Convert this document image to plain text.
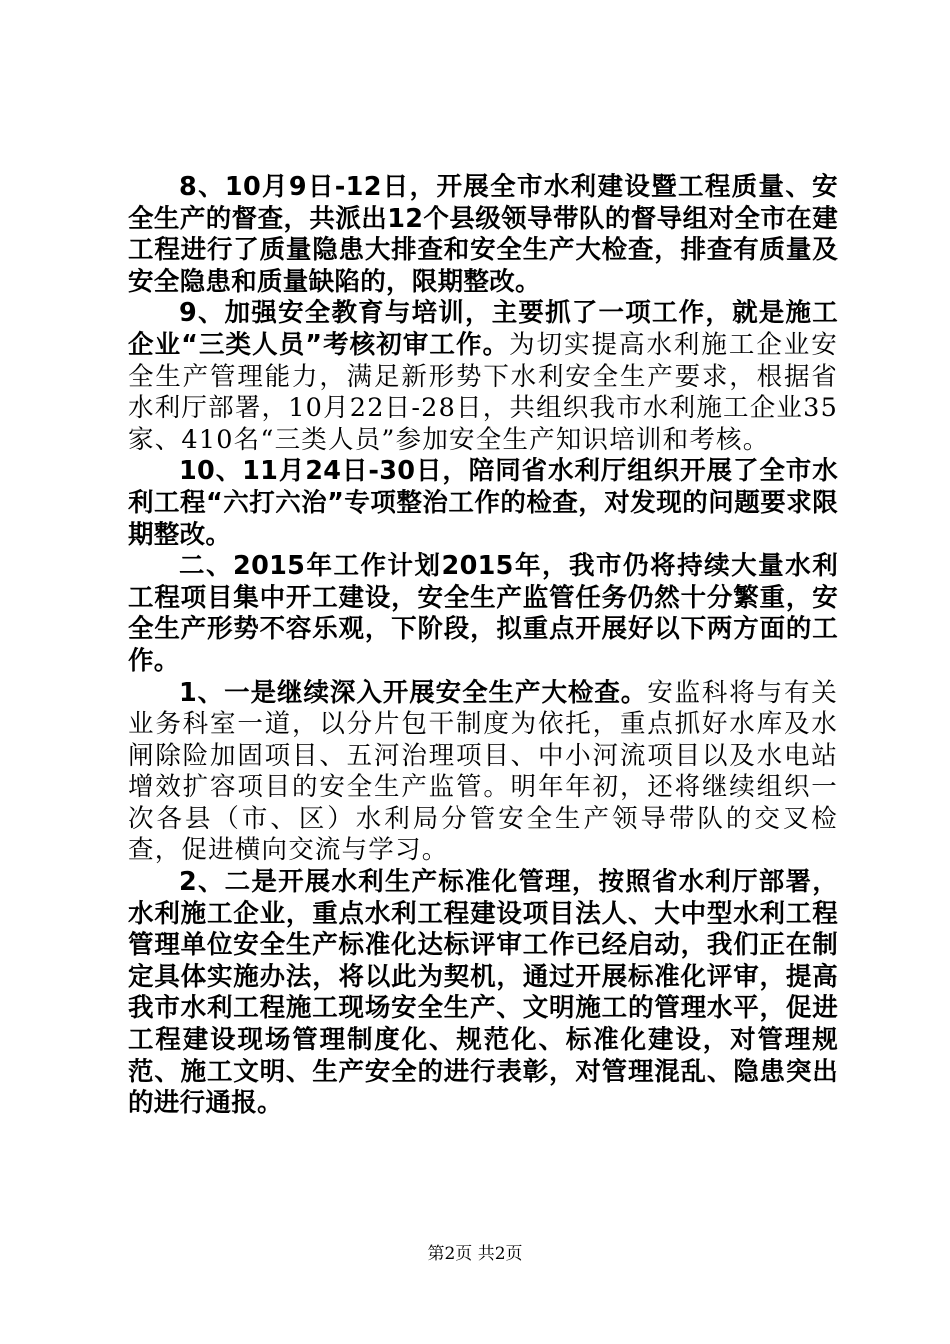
8、10月9日-12日，开展全市水利建设暨工程质量、安全生产的督查，共派出12个县级领导带队的督导组对全市在建工程进行了质量隐患大排查和安全生产大检查，排查有质量及安全隐患和质量缺陷的，限期整改。

9、加强安全教育与培训，主要抓了一项工作，就是施工企业“三类人员”考核初审工作。为切实提高水利施工企业安全生产管理能力，满足新形势下水利安全生产要求，根据省水利厅部署，10月22日-28日，共组织我市水利施工企业35家、410名“三类人员”参加安全生产知识培训和考核。

10、11月24日-30日，陪同省水利厅组织开展了全市水利工程“六打六治”专项整治工作的检查，对发现的问题要求限期整改。

二、2015年工作计划2015年，我市仍将持续大量水利工程项目集中开工建设，安全生产监管任务仍然十分繁重，安全生产形势不容乐观，下阶段，拟重点开展好以下两方面的工作。

1、一是继续深入开展安全生产大检查。安监科将与有关业务科室一道，以分片包干制度为依托，重点抓好水库及水闸除险加固项目、五河治理项目、中小河流项目以及水电站增效扩容项目的安全生产监管。明年年初，还将继续组织一次各县（市、区）水利局分管安全生产领导带队的交叉检查，促进横向交流与学习。

2、二是开展水利生产标准化管理，按照省水利厅部署，水利施工企业，重点水利工程建设项目法人、大中型水利工程管理单位安全生产标准化达标评审工作已经启动，我们正在制定具体实施办法，将以此为契机，通过开展标准化评审，提高我市水利工程施工现场安全生产、文明施工的管理水平，促进工程建设现场管理制度化、规范化、标准化建设，对管理规范、施工文明、生产安全的进行表彰，对管理混乱、隐患突出的进行通报。

第2页 共2页
